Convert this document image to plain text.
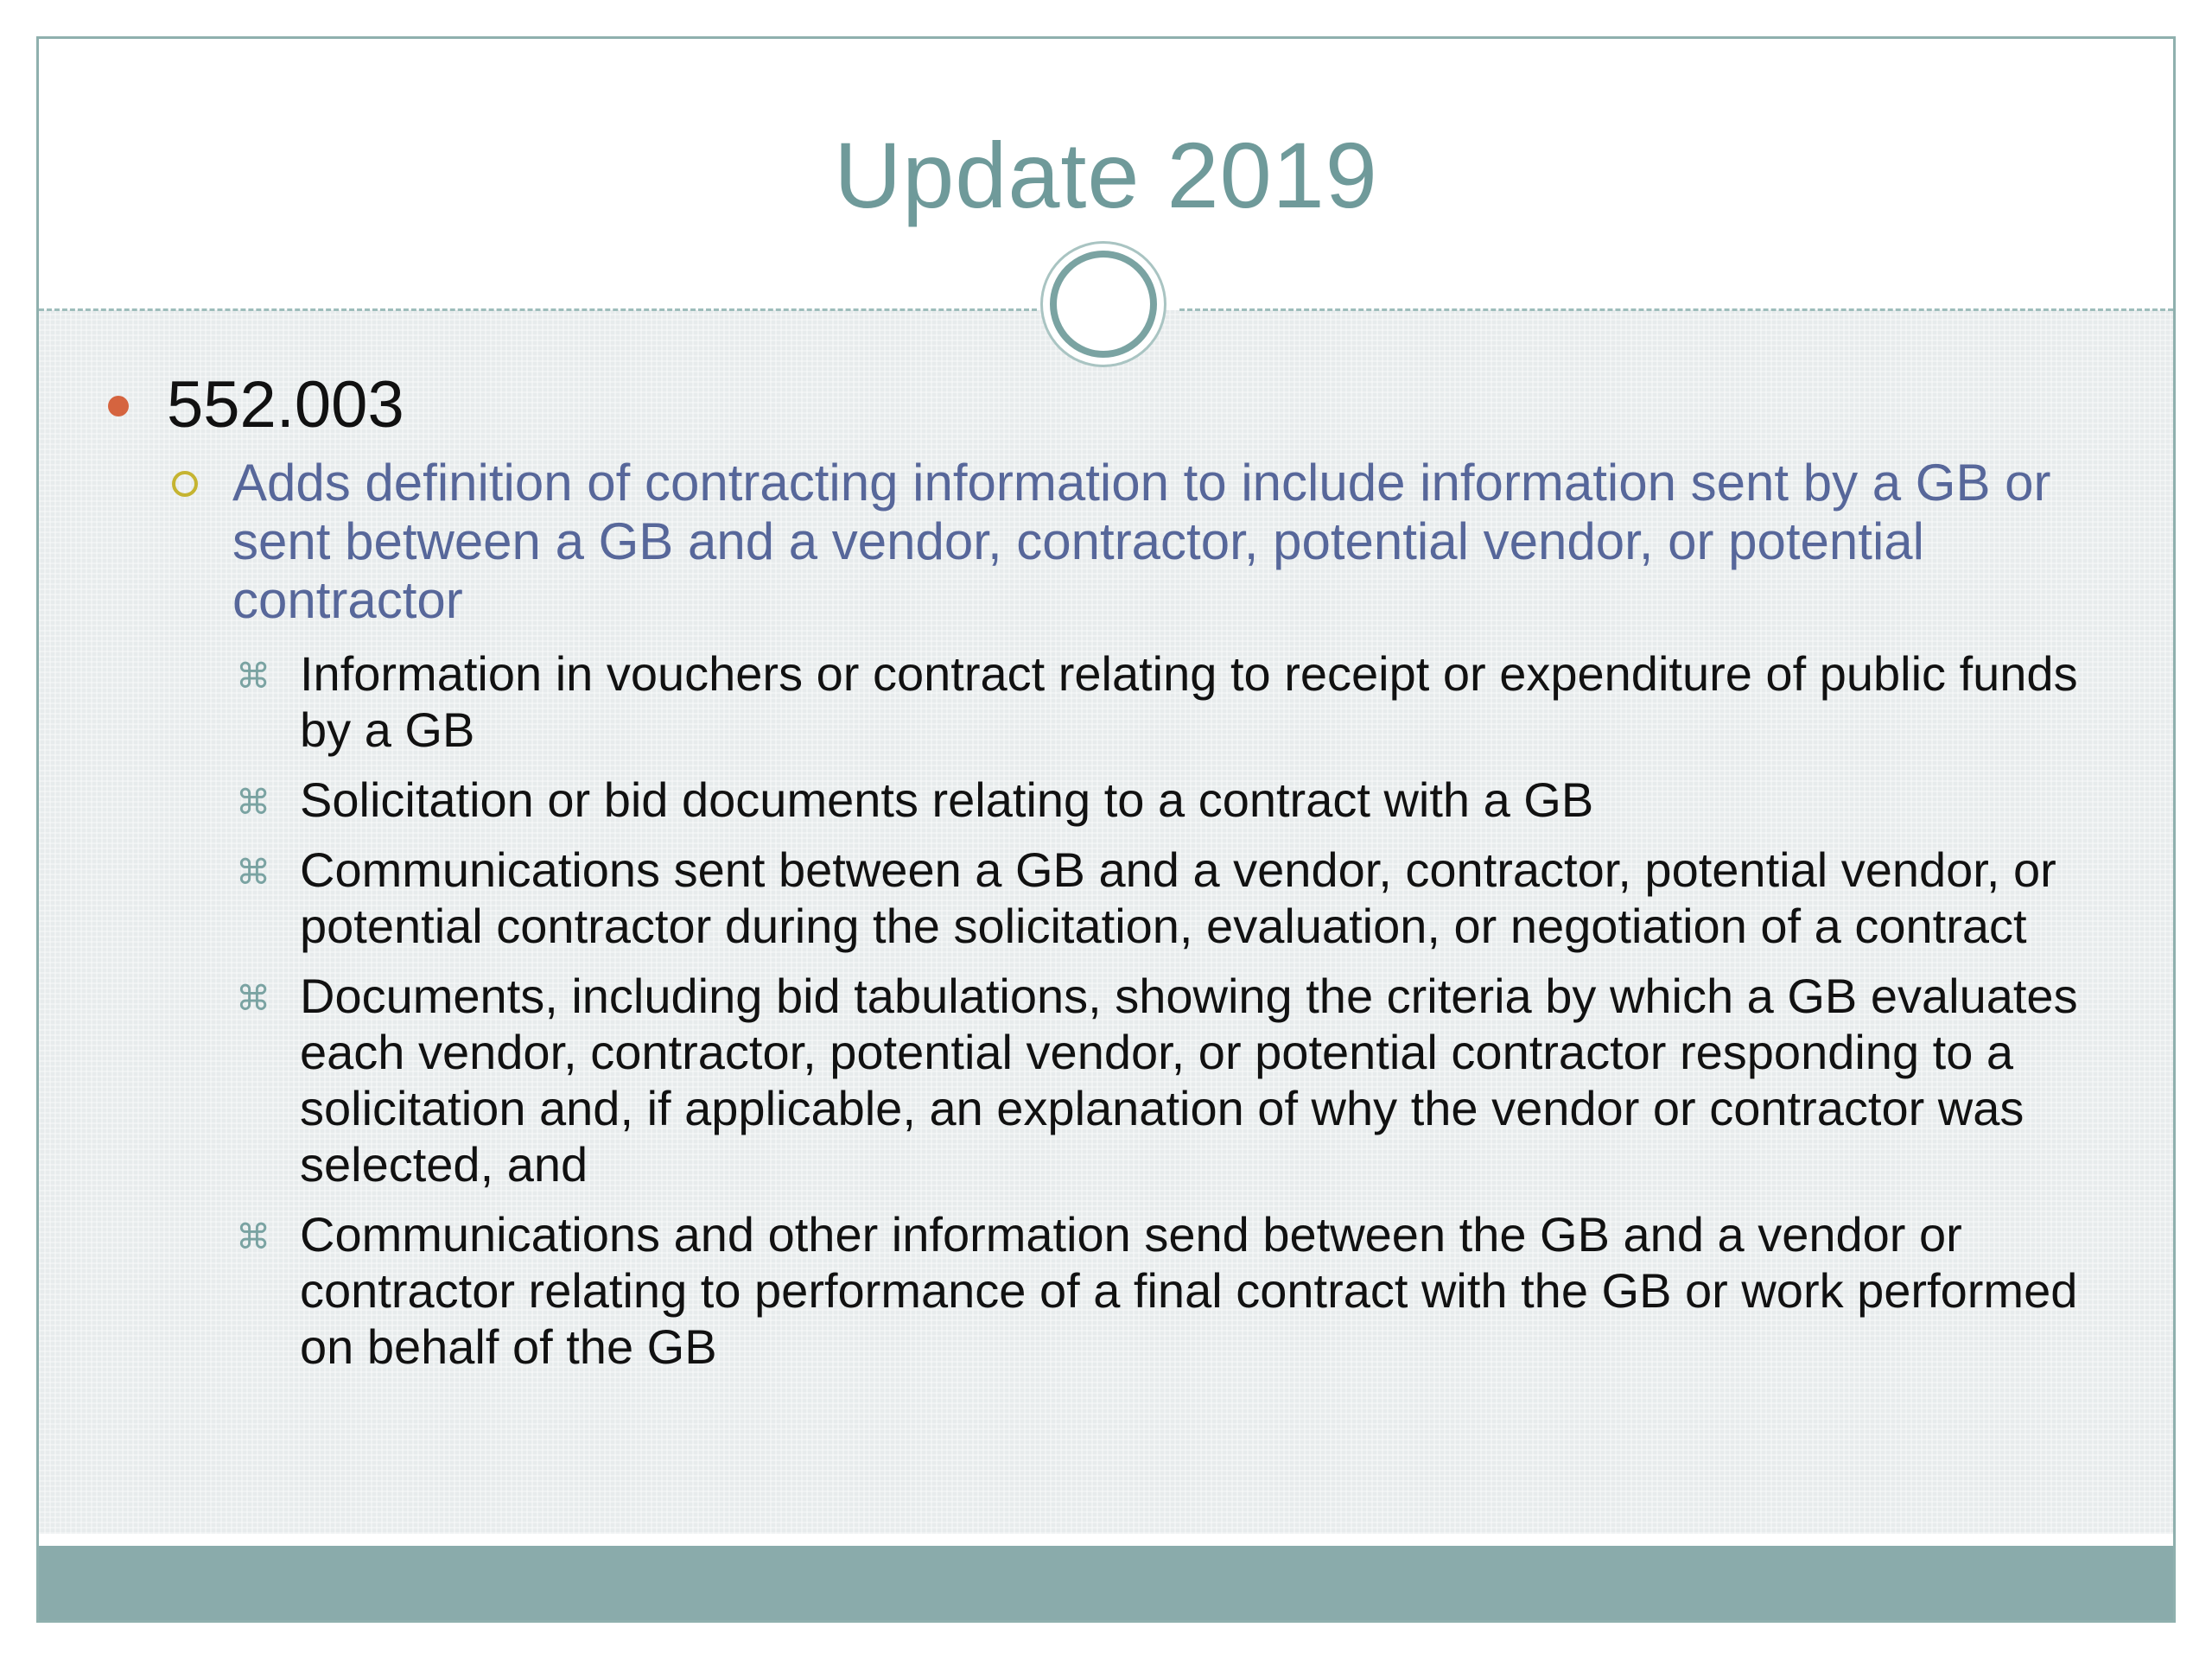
Update 2019
552.003
Adds definition of contracting information to include information sent by a GB or sent between a GB and a vendor, contractor, potential vendor, or potential contractor
⌘ Information in vouchers or contract relating to receipt or expenditure of public funds by a GB
⌘ Solicitation or bid documents relating to a contract with a GB
⌘ Communications sent between a GB and a vendor, contractor, potential vendor, or potential contractor during the solicitation, evaluation, or negotiation of a contract
⌘ Documents, including bid tabulations, showing the criteria by which a GB evaluates each vendor, contractor, potential vendor, or potential contractor responding to a solicitation and, if applicable, an explanation of why the vendor or contractor was selected, and
⌘ Communications and other information send between the GB and a vendor or contractor relating to performance of a final contract with the GB or work performed on behalf of the GB
